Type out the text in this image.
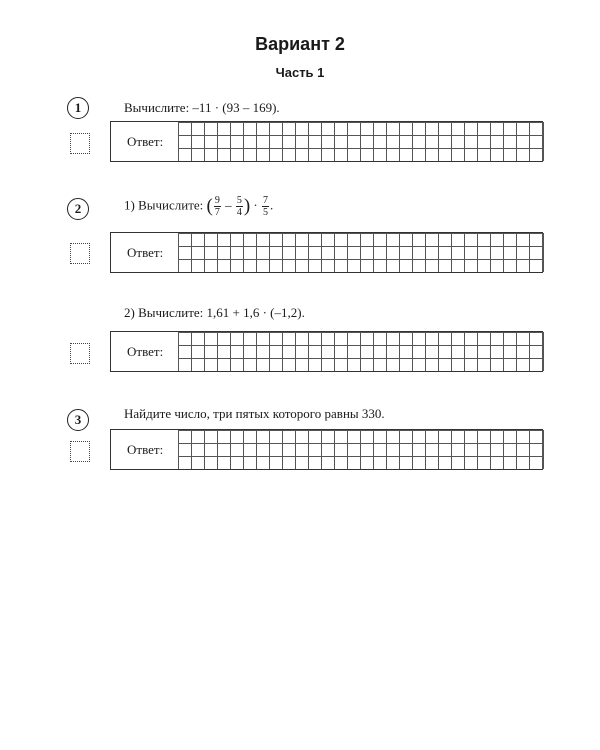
Вариант 2
Часть 1
1	Вычислите: –11 · (93 – 169).
Ответ:
2	1) Вычислите: ( $\frac{9}{7} - \frac{5}{4}$ ) · $\frac{7}{5}$ .
Ответ:
2) Вычислите: 1,61 + 1,6 · (–1,2).
Ответ:
3	Найдите число, три пятых которого равны 330.
Ответ:
